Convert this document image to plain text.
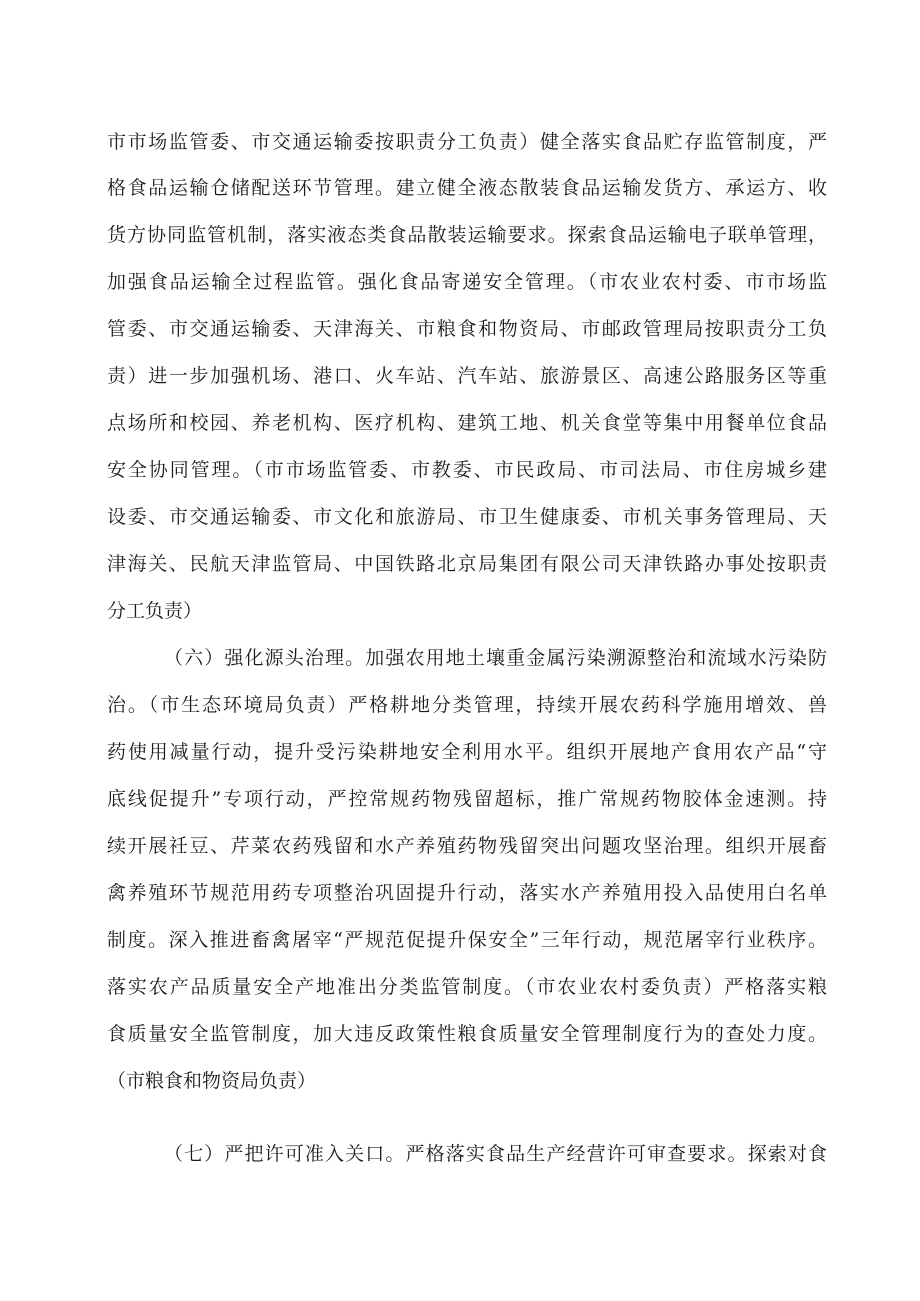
市市场监管委、市交通运输委按职责分工负责）健全落实食品贮存监管制度，严
格食品运输仓储配送环节管理。建立健全液态散装食品运输发货方、承运方、收
货方协同监管机制，落实液态类食品散装运输要求。探索食品运输电子联单管理，
加强食品运输全过程监管。强化食品寄递安全管理。（市农业农村委、市市场监
管委、市交通运输委、天津海关、市粮食和物资局、市邮政管理局按职责分工负
责）进一步加强机场、港口、火车站、汽车站、旅游景区、高速公路服务区等重
点场所和校园、养老机构、医疗机构、建筑工地、机关食堂等集中用餐单位食品
安全协同管理。（市市场监管委、市教委、市民政局、市司法局、市住房城乡建
设委、市交通运输委、市文化和旅游局、市卫生健康委、市机关事务管理局、天
津海关、民航天津监管局、中国铁路北京局集团有限公司天津铁路办事处按职责
分工负责）
（六）强化源头治理。加强农用地土壤重金属污染溯源整治和流域水污染防
治。（市生态环境局负责）严格耕地分类管理，持续开展农药科学施用增效、兽
药使用减量行动，提升受污染耕地安全利用水平。组织开展地产食用农产品“守
底线促提升”专项行动，严控常规药物残留超标，推广常规药物胶体金速测。持
续开展祍豆、芹菜农药残留和水产养殖药物残留突出问题攻坚治理。组织开展畜
禽养殖环节规范用药专项整治巩固提升行动，落实水产养殖用投入品使用白名单
制度。深入推进畜禽屠宰“严规范促提升保安全”三年行动，规范屠宰行业秩序。
落实农产品质量安全产地准出分类监管制度。（市农业农村委负责）严格落实粮
食质量安全监管制度，加大违反政策性粮食质量安全管理制度行为的查处力度。
（市粮食和物资局负责）
（七）严把许可准入关口。严格落实食品生产经营许可审查要求。探索对食
